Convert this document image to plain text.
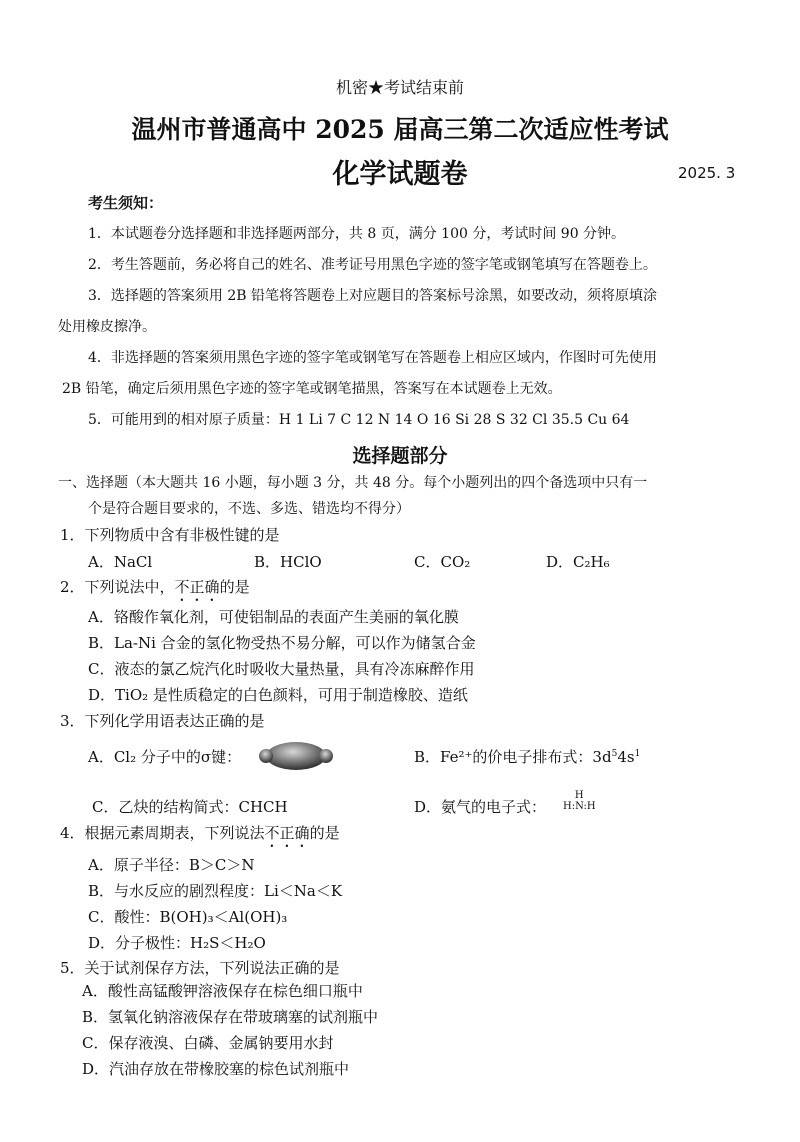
机密★考试结束前
温州市普通高中 2025 届高三第二次适应性考试
化学试题卷	2025. 3
考生须知：
1．本试题卷分选择题和非选择题两部分，共 8 页，满分 100 分，考试时间 90 分钟。
2．考生答题前，务必将自己的姓名、准考证号用黑色字迹的签字笔或钢笔填写在答题卷上。
3．选择题的答案须用 2B 铅笔将答题卷上对应题目的答案标号涂黑，如要改动，须将原填涂
处用橡皮擦净。
4．非选择题的答案须用黑色字迹的签字笔或钢笔写在答题卷上相应区域内，作图时可先使用
2B 铅笔，确定后须用黑色字迹的签字笔或钢笔描黑，答案写在本试题卷上无效。
5．可能用到的相对原子质量：H 1 Li 7 C 12 N 14 O 16 Si 28 S 32 Cl 35.5 Cu 64
选择题部分
一、选择题（本大题共 16 小题，每小题 3 分，共 48 分。每个小题列出的四个备选项中只有一
个是符合题目要求的，不选、多选、错选均不得分）
1．下列物质中含有非极性键的是
A．NaCl	B．HClO	C．CO₂	D．C₂H₆
2．下列说法中，不正确的是
A．铬酸作氧化剂，可使铝制品的表面产生美丽的氧化膜
B．La-Ni 合金的氢化物受热不易分解，可以作为储氢合金
C．液态的氯乙烷汽化时吸收大量热量，具有冷冻麻醉作用
D．TiO₂ 是性质稳定的白色颜料，可用于制造橡胶、造纸
3．下列化学用语表达正确的是
A．Cl₂ 分子中的σ键：	B．Fe²⁺的价电子排布式：$3d^54s^1$
C．乙炔的结构简式：CHCH	D．氨气的电子式：
H
H:N:H
4．根据元素周期表，下列说法不正确的是
A．原子半径：B＞C＞N
B．与水反应的剧烈程度：Li＜Na＜K
C．酸性：B(OH)₃＜Al(OH)₃
D．分子极性：H₂S＜H₂O
5．关于试剂保存方法，下列说法正确的是
A．酸性高锰酸钾溶液保存在棕色细口瓶中
B．氢氧化钠溶液保存在带玻璃塞的试剂瓶中
C．保存液溴、白磷、金属钠要用水封
D．汽油存放在带橡胶塞的棕色试剂瓶中
